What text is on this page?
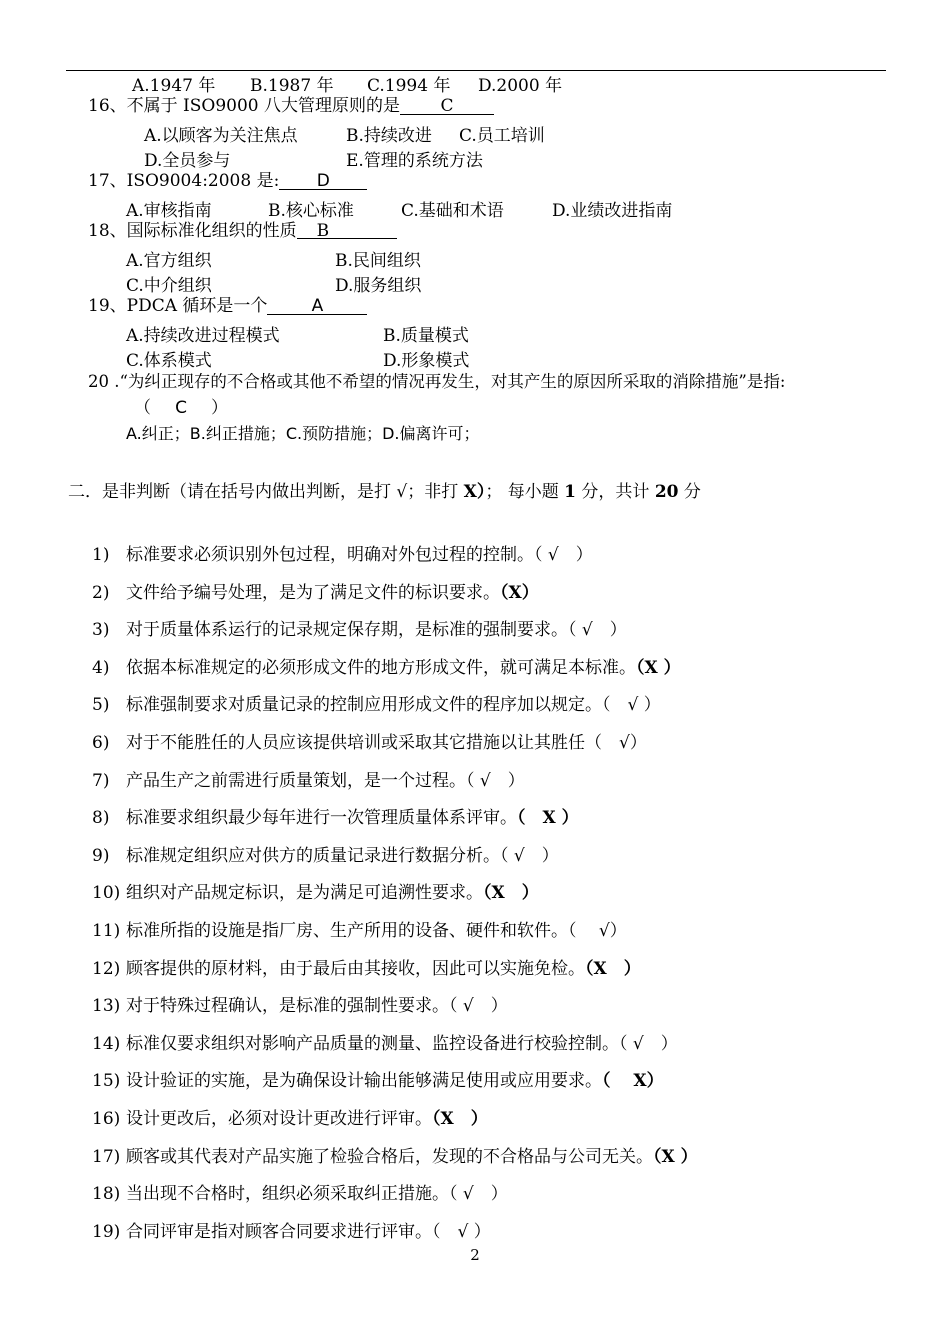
A.1947 年 B.1987 年 C.1994 年 D.2000 年
16、不属于 ISO9000 八大管理原则的是 C
A.以顾客为关注焦点	B.持续改进 C.员工培训
D.全员参与	E.管理的系统方法
17、ISO9004:2008 是: D
A.审核指南	B.核心标准	C.基础和术语	D.业绩改进指南
18、国际标准化组织的性质 B
A.官方组织	B.民间组织
C.中介组织	D.服务组织
19、PDCA 循环是一个	A
A.持续改进过程模式	B.质量模式
C.体系模式	D.形象模式
20 .“为纠正现存的不合格或其他不希望的情况再发生，对其产生的原因所采取的消除措施”是指:
（ C ）
A.纠正；B.纠正措施；C.预防措施；D.偏离许可；
二．是非判断（请在括号内做出判断，是打 √；非打 X）； 每小题 1 分，共计 20 分
1) 标准要求必须识别外包过程，明确对外包过程的控制。（ √　）
2) 文件给予编号处理，是为了满足文件的标识要求。（X）
3) 对于质量体系运行的记录规定保存期，是标准的强制要求。（ √　）
4) 依据本标准规定的必须形成文件的地方形成文件，就可满足本标准。（X ）
5) 标准强制要求对质量记录的控制应用形成文件的程序加以规定。（　√ ）
6) 对于不能胜任的人员应该提供培训或采取其它措施以让其胜任（　√）
7) 产品生产之前需进行质量策划，是一个过程。（ √　）
8) 标准要求组织最少每年进行一次管理质量体系评审。（　X ）
9) 标准规定组织应对供方的质量记录进行数据分析。（ √　）
10) 组织对产品规定标识，是为满足可追溯性要求。（X　）
11) 标准所指的设施是指厂房、生产所用的设备、硬件和软件。（　 √）
12) 顾客提供的原材料，由于最后由其接收，因此可以实施免检。（X　）
13) 对于特殊过程确认，是标准的强制性要求。（ √　）
14) 标准仅要求组织对影响产品质量的测量、监控设备进行校验控制。（ √　）
15) 设计验证的实施，是为确保设计输出能够满足使用或应用要求。（　 X）
16) 设计更改后，必须对设计更改进行评审。（X　）
17) 顾客或其代表对产品实施了检验合格后，发现的不合格品与公司无关。（X ）
18) 当出现不合格时，组织必须采取纠正措施。（ √　）
19) 合同评审是指对顾客合同要求进行评审。（　√ ）
2
